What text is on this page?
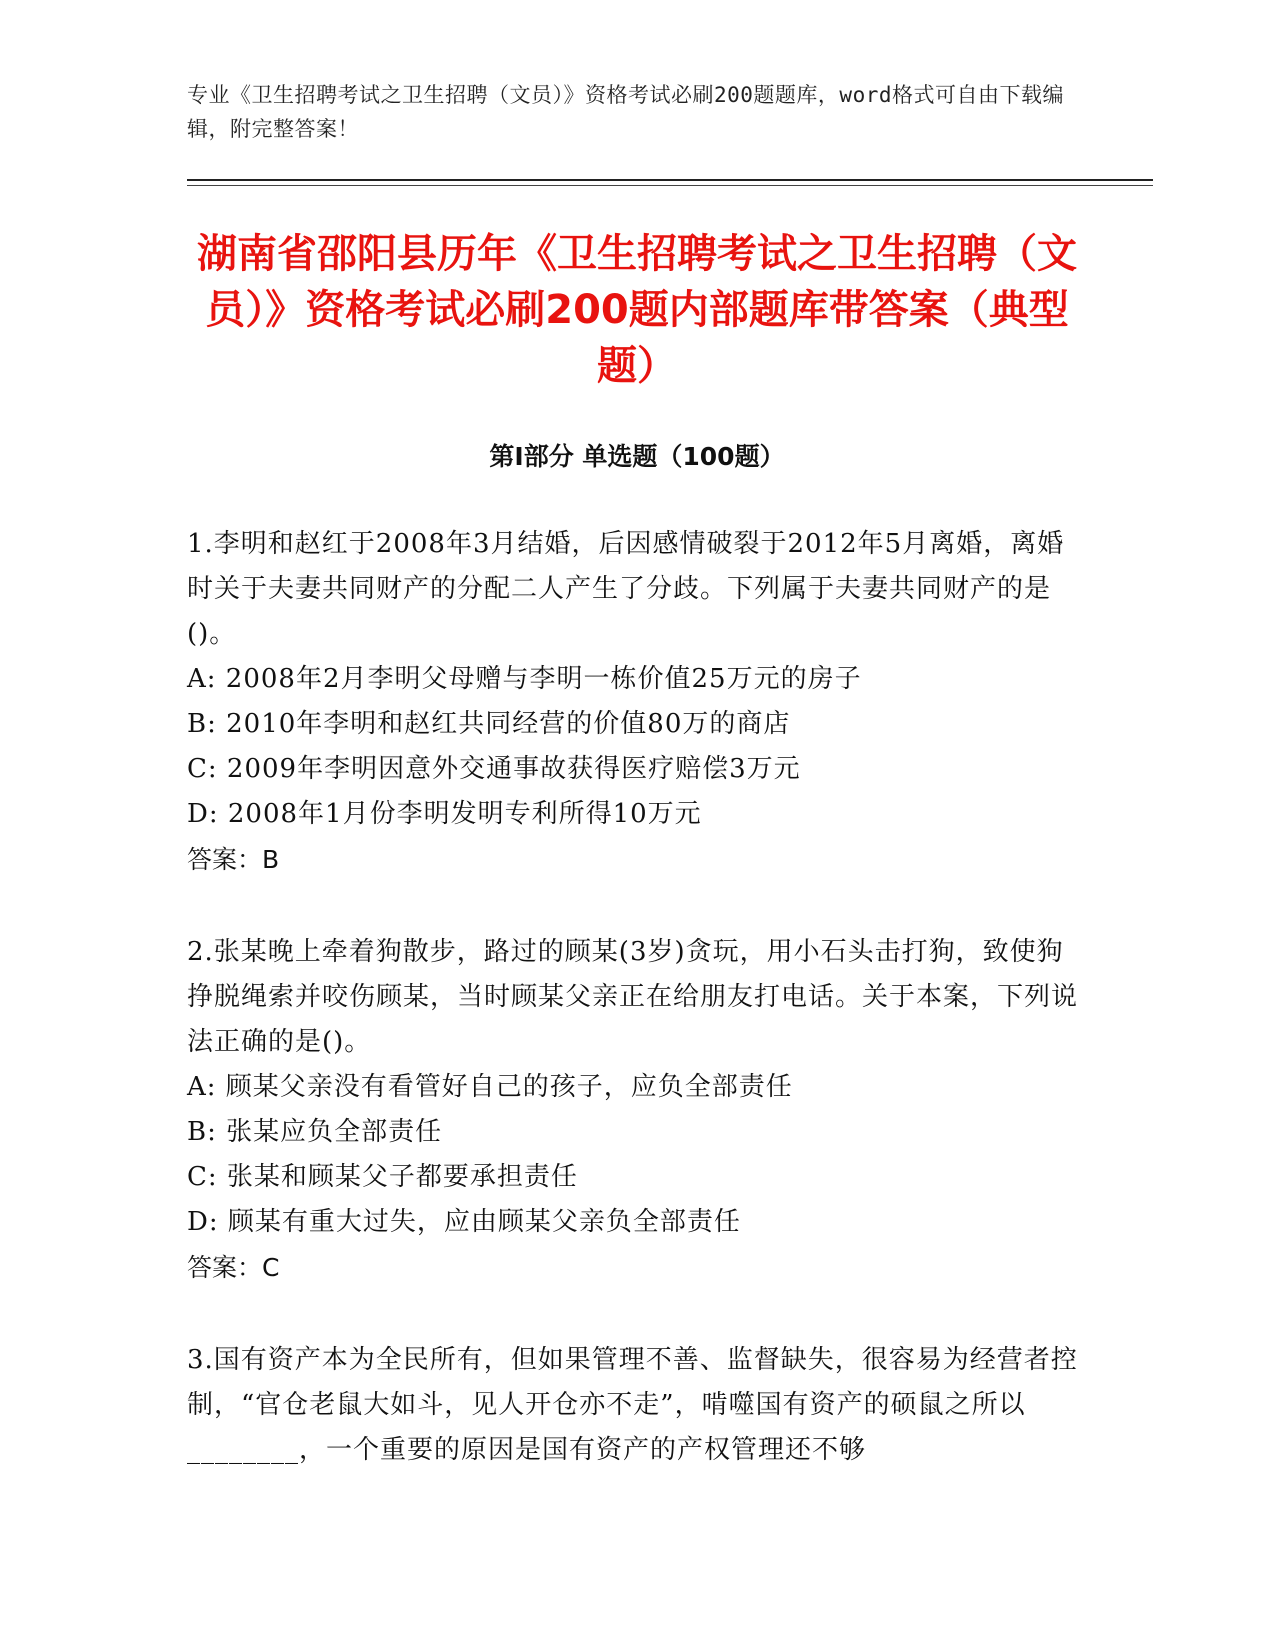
专业《卫生招聘考试之卫生招聘（文员）》资格考试必刷200题题库，word格式可自由下载编辑，附完整答案！
湖南省邵阳县历年《卫生招聘考试之卫生招聘（文员）》资格考试必刷200题内部题库带答案（典型题）
第I部分 单选题（100题）

1.李明和赵红于2008年3月结婚，后因感情破裂于2012年5月离婚，离婚时关于夫妻共同财产的分配二人产生了分歧。下列属于夫妻共同财产的是()。

A: 2008年2月李明父母赠与李明一栋价值25万元的房子

B: 2010年李明和赵红共同经营的价值80万的商店

C: 2009年李明因意外交通事故获得医疗赔偿3万元

D: 2008年1月份李明发明专利所得10万元

答案：B

2.张某晚上牵着狗散步，路过的顾某(3岁)贪玩，用小石头击打狗，致使狗挣脱绳索并咬伤顾某，当时顾某父亲正在给朋友打电话。关于本案，下列说法正确的是()。

A: 顾某父亲没有看管好自己的孩子，应负全部责任

B: 张某应负全部责任

C: 张某和顾某父子都要承担责任

D: 顾某有重大过失，应由顾某父亲负全部责任

答案：C

3.国有资产本为全民所有，但如果管理不善、监督缺失，很容易为经营者控制，“官仓老鼠大如斗，见人开仓亦不走”，啃噬国有资产的硕鼠之所以________，一个重要的原因是国有资产的产权管理还不够
